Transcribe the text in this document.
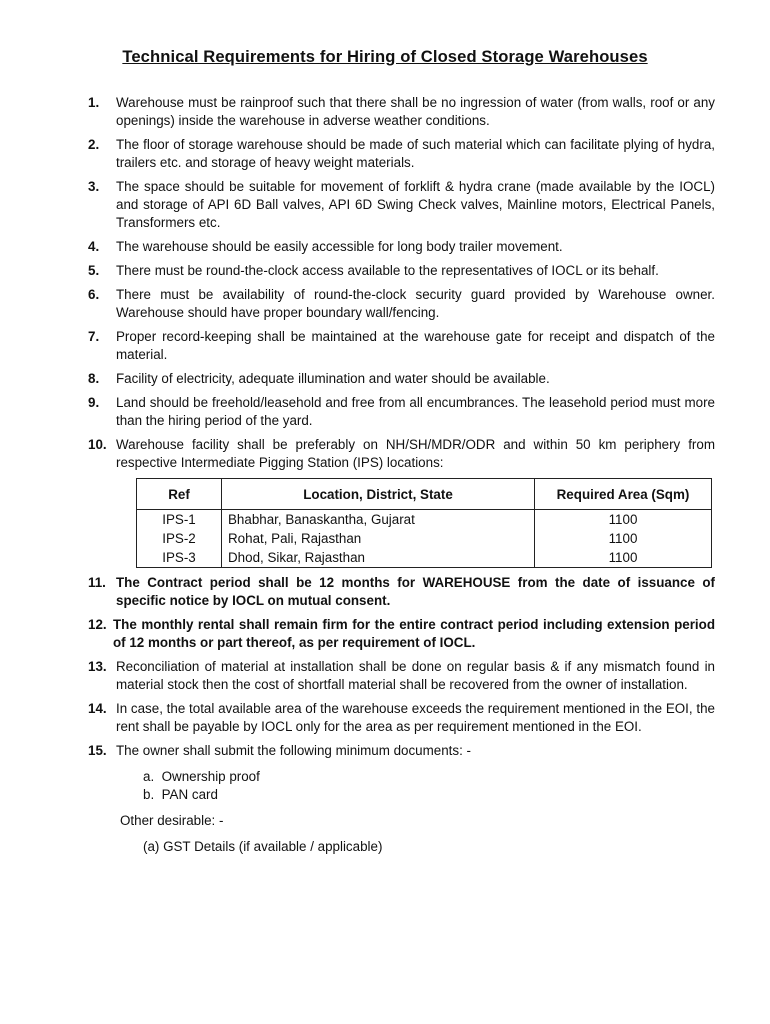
Technical Requirements for Hiring of Closed Storage Warehouses
1.	Warehouse must be rainproof such that there shall be no ingression of water (from walls, roof or any openings) inside the warehouse in adverse weather conditions.
2.	The floor of storage warehouse should be made of such material which can facilitate plying of hydra, trailers etc. and storage of heavy weight materials.
3.	The space should be suitable for movement of forklift & hydra crane (made available by the IOCL) and storage of API 6D Ball valves, API 6D Swing Check valves, Mainline motors, Electrical Panels, Transformers etc.
4.	The warehouse should be easily accessible for long body trailer movement.
5.	There must be round-the-clock access available to the representatives of IOCL or its behalf.
6.	There must be availability of round-the-clock security guard provided by Warehouse owner. Warehouse should have proper boundary wall/fencing.
7.	Proper record-keeping shall be maintained at the warehouse gate for receipt and dispatch of the material.
8.	Facility of electricity, adequate illumination and water should be available.
9.	Land should be freehold/leasehold and free from all encumbrances. The leasehold period must more than the hiring period of the yard.
10. Warehouse facility shall be preferably on NH/SH/MDR/ODR and within 50 km periphery from respective Intermediate Pigging Station (IPS) locations:
Ref	Location, District, State	Required Area (Sqm)
IPS-1	Bhabhar, Banaskantha, Gujarat	1100
IPS-2	Rohat, Pali, Rajasthan	1100
IPS-3	Dhod, Sikar, Rajasthan	1100
11. The Contract period shall be 12 months for WAREHOUSE from the date of issuance of specific notice by IOCL on mutual consent.
12. The monthly rental shall remain firm for the entire contract period including extension period of 12 months or part thereof, as per requirement of IOCL.
13. Reconciliation of material at installation shall be done on regular basis & if any mismatch found in material stock then the cost of shortfall material shall be recovered from the owner of installation.
14. In case, the total available area of the warehouse exceeds the requirement mentioned in the EOI, the rent shall be payable by IOCL only for the area as per requirement mentioned in the EOI.
15. The owner shall submit the following minimum documents: -
a.  Ownership proof
b.  PAN card
Other desirable: -
(a) GST Details (if available / applicable)
